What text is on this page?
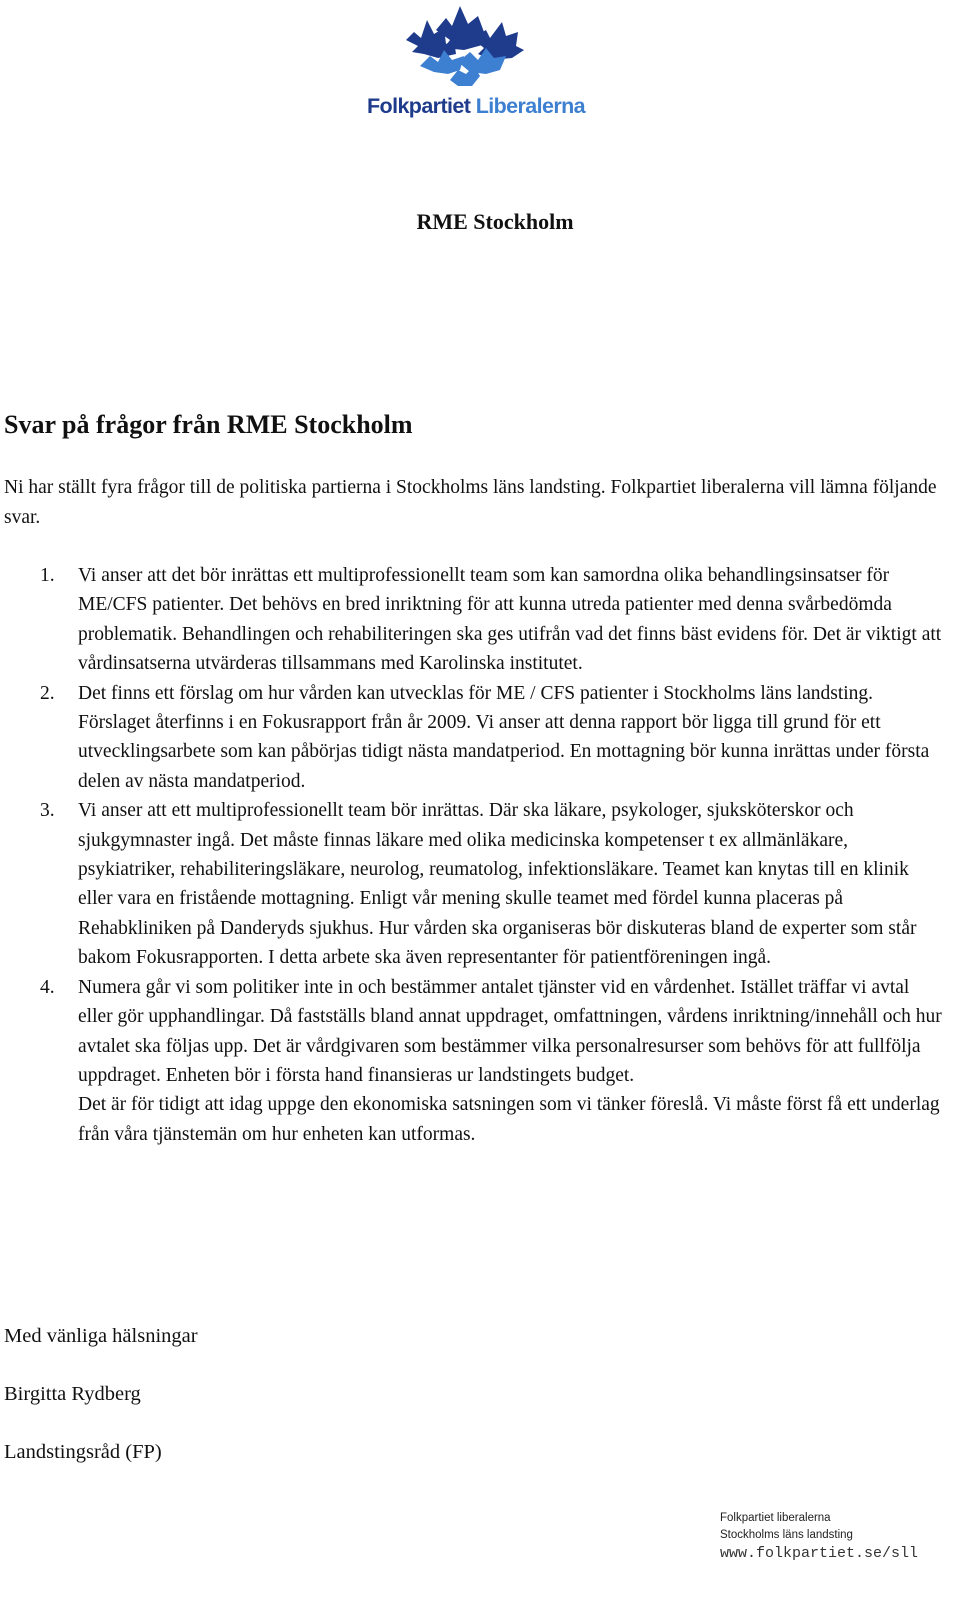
Folkpartiet Liberalerna
RME Stockholm
Svar på frågor från RME Stockholm
Ni har ställt fyra frågor till de politiska partierna i Stockholms läns landsting. Folkpartiet liberalerna vill lämna följande svar.
1. Vi anser att det bör inrättas ett multiprofessionellt team som kan samordna olika behandlingsinsatser för ME/CFS patienter. Det behövs en bred inriktning för att kunna utreda patienter med denna svårbedömda problematik. Behandlingen och rehabiliteringen ska ges utifrån vad det finns bäst evidens för. Det är viktigt att vårdinsatserna utvärderas tillsammans med Karolinska institutet.
2. Det finns ett förslag om hur vården kan utvecklas för ME / CFS patienter i Stockholms läns landsting. Förslaget återfinns i en Fokusrapport från år 2009. Vi anser att denna rapport bör ligga till grund för ett utvecklingsarbete som kan påbörjas tidigt nästa mandatperiod. En mottagning bör kunna inrättas under första delen av nästa mandatperiod.
3. Vi anser att ett multiprofessionellt team bör inrättas. Där ska läkare, psykologer, sjuksköterskor och sjukgymnaster ingå. Det måste finnas läkare med olika medicinska kompetenser t ex allmänläkare, psykiatriker, rehabiliteringsläkare, neurolog, reumatolog, infektionsläkare. Teamet kan knytas till en klinik eller vara en fristående mottagning. Enligt vår mening skulle teamet med fördel kunna placeras på Rehabkliniken på Danderyds sjukhus. Hur vården ska organiseras bör diskuteras bland de experter som står bakom Fokusrapporten. I detta arbete ska även representanter för patientföreningen ingå.
4. Numera går vi som politiker inte in och bestämmer antalet tjänster vid en vårdenhet. Istället träffar vi avtal eller gör upphandlingar. Då fastställs bland annat uppdraget, omfattningen, vårdens inriktning/innehåll och hur avtalet ska följas upp. Det är vårdgivaren som bestämmer vilka personalresurser som behövs för att fullfölja uppdraget. Enheten bör i första hand finansieras ur landstingets budget.
Det är för tidigt att idag uppge den ekonomiska satsningen som vi tänker föreslå. Vi måste först få ett underlag från våra tjänstemän om hur enheten kan utformas.
Med vänliga hälsningar
Birgitta Rydberg
Landstingsråd (FP)
Folkpartiet liberalerna
Stockholms läns landsting
www.folkpartiet.se/sll
